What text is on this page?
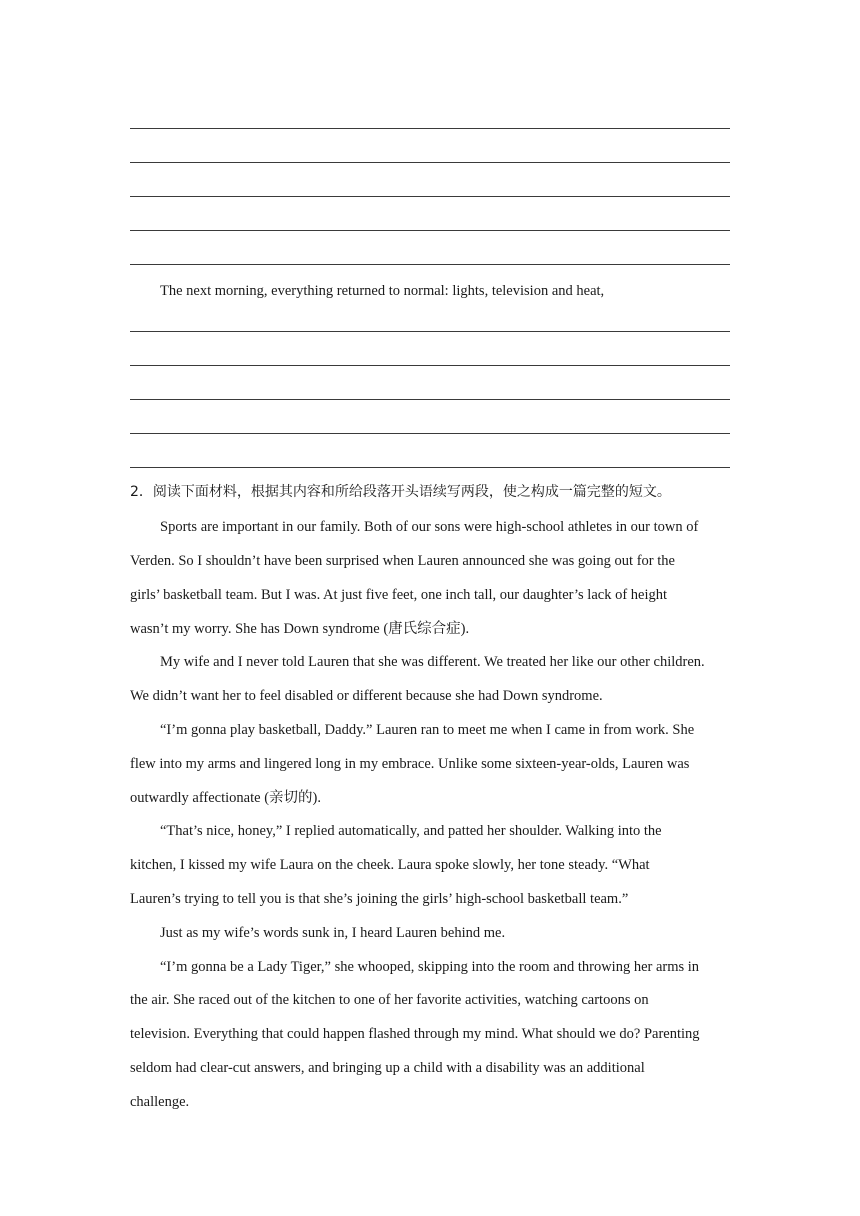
The next morning, everything returned to normal: lights, television and heat,
2．阅读下面材料，根据其内容和所给段落开头语续写两段，使之构成一篇完整的短文。
Sports are important in our family. Both of our sons were high-school athletes in our town of
Verden. So I shouldn’t have been surprised when Lauren announced she was going out for the
girls’ basketball team. But I was. At just five feet, one inch tall, our daughter’s lack of height
wasn’t my worry. She has Down syndrome (唐氏综合症).
My wife and I never told Lauren that she was different. We treated her like our other children.
We didn’t want her to feel disabled or different because she had Down syndrome.
“I’m gonna play basketball, Daddy.” Lauren ran to meet me when I came in from work. She
flew into my arms and lingered long in my embrace. Unlike some sixteen-year-olds, Lauren was
outwardly affectionate (亲切的).
“That’s nice, honey,” I replied automatically, and patted her shoulder. Walking into the
kitchen, I kissed my wife Laura on the cheek. Laura spoke slowly, her tone steady. “What
Lauren’s trying to tell you is that she’s joining the girls’ high-school basketball team.”
Just as my wife’s words sunk in, I heard Lauren behind me.
“I’m gonna be a Lady Tiger,” she whooped, skipping into the room and throwing her arms in
the air. She raced out of the kitchen to one of her favorite activities, watching cartoons on
television. Everything that could happen flashed through my mind. What should we do? Parenting
seldom had clear-cut answers, and bringing up a child with a disability was an additional
challenge.
